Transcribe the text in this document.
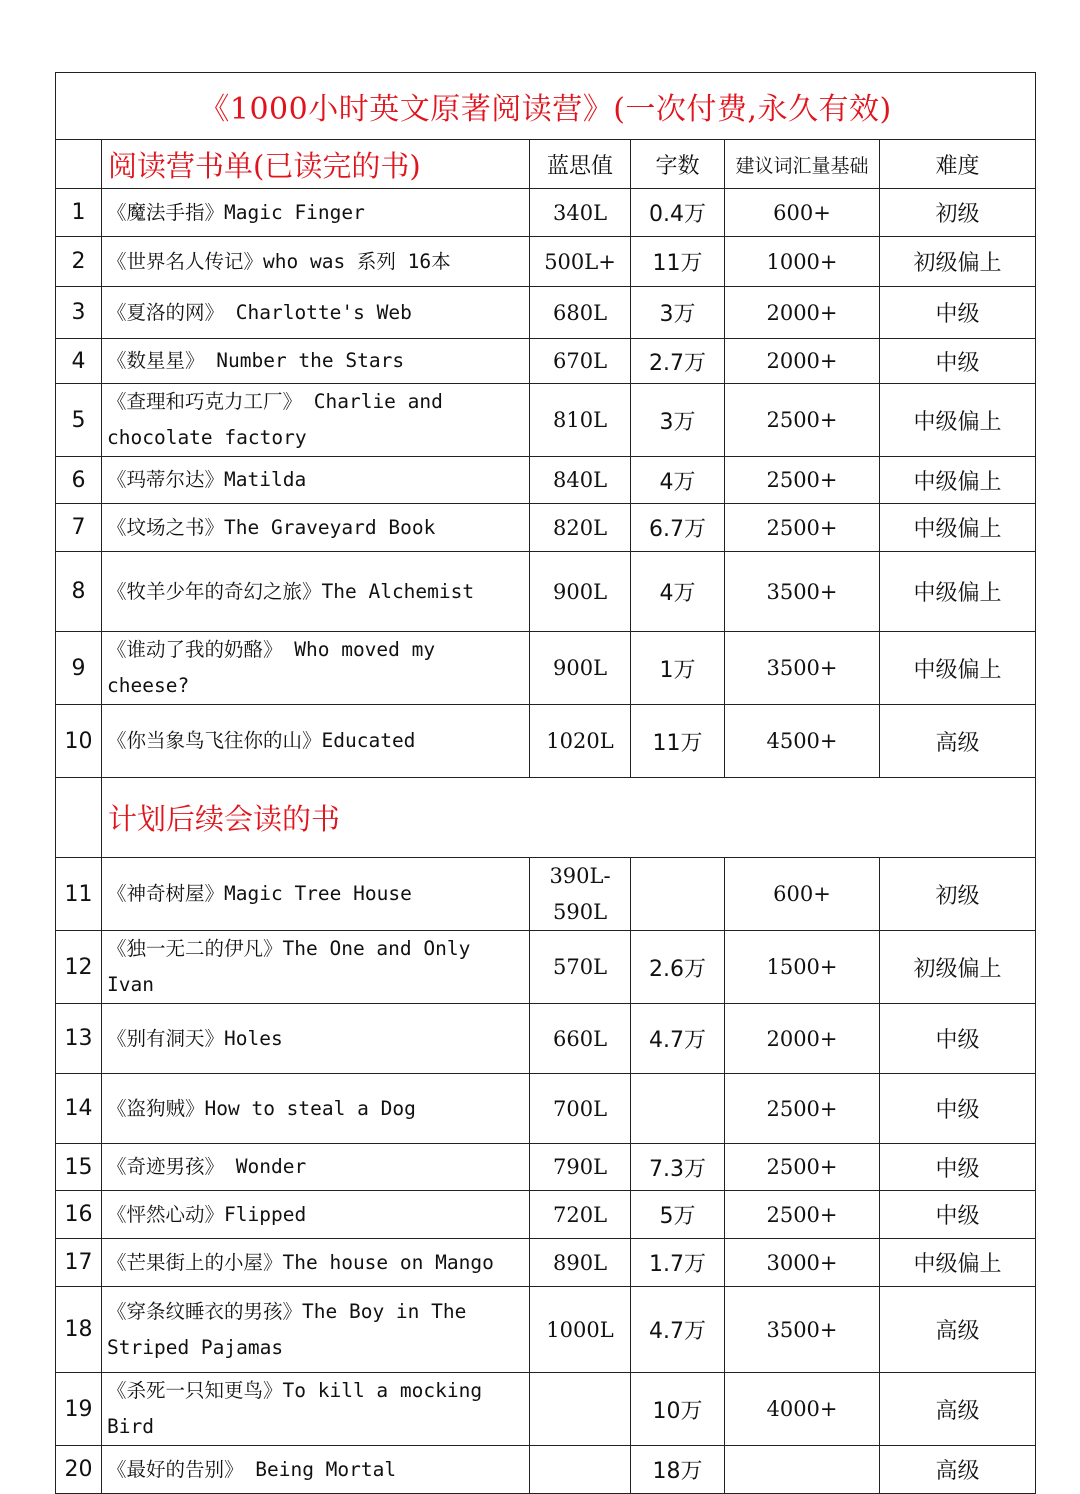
《1000小时英文原著阅读营》(一次付费,永久有效)					
	阅读营书单(已读完的书)	蓝思值	字数	建议词汇量基础	难度
1	《魔法手指》Magic Finger	340L	0.4万	600+	初级
2	《世界名人传记》who was 系列 16本	500L+	11万	1000+	初级偏上
3	《夏洛的网》 Charlotte's Web	680L	3万	2000+	中级
4	《数星星》 Number the Stars	670L	2.7万	2000+	中级
5	《查理和巧克力工厂》 Charlie and chocolate factory	810L	3万	2500+	中级偏上
6	《玛蒂尔达》Matilda	840L	4万	2500+	中级偏上
7	《坟场之书》The Graveyard Book	820L	6.7万	2500+	中级偏上
8	《牧羊少年的奇幻之旅》The Alchemist	900L	4万	3500+	中级偏上
9	《谁动了我的奶酪》 Who moved my cheese?	900L	1万	3500+	中级偏上
10	《你当象鸟飞往你的山》Educated	1020L	11万	4500+	高级
	计划后续会读的书				
11	《神奇树屋》Magic Tree House	390L- 590L		600+	初级
12	《独一无二的伊凡》The One and Only Ivan	570L	2.6万	1500+	初级偏上
13	《别有洞天》Holes	660L	4.7万	2000+	中级
14	《盗狗贼》How to steal a Dog	700L		2500+	中级
15	《奇迹男孩》 Wonder	790L	7.3万	2500+	中级
16	《怦然心动》Flipped	720L	5万	2500+	中级
17	《芒果街上的小屋》The house on Mango	890L	1.7万	3000+	中级偏上
18	《穿条纹睡衣的男孩》The Boy in The Striped Pajamas	1000L	4.7万	3500+	高级
19	《杀死一只知更鸟》To kill a mocking Bird		10万	4000+	高级
20	《最好的告别》 Being Mortal		18万		高级
